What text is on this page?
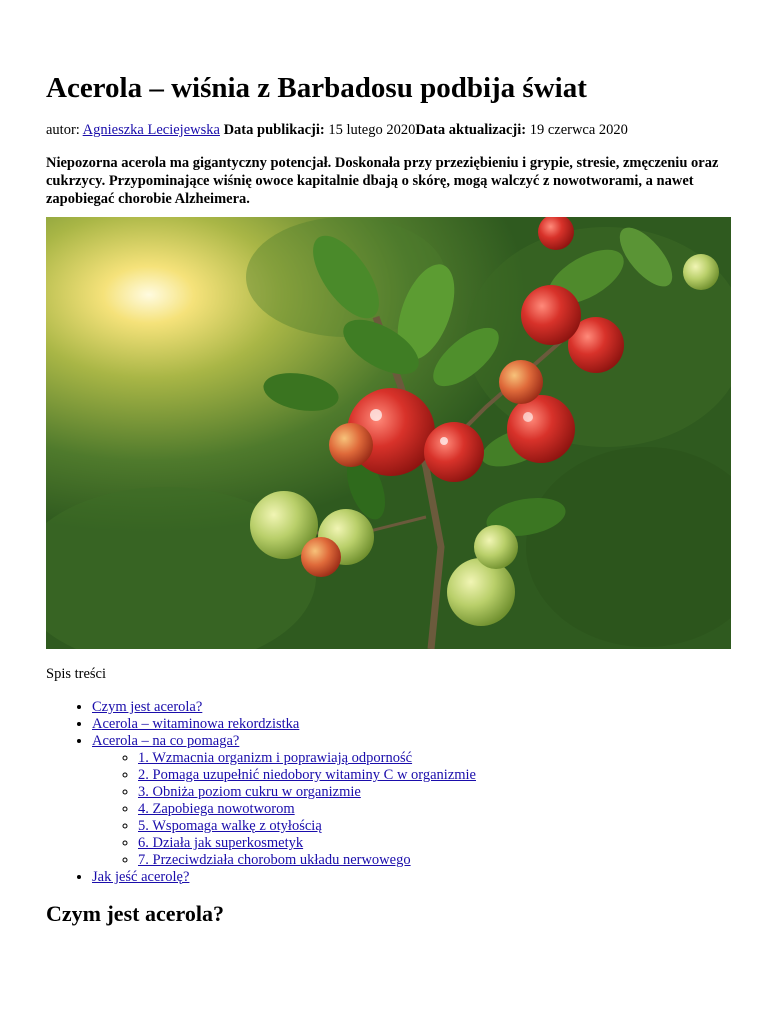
Acerola – wiśnia z Barbadosu podbija świat
autor: Agnieszka Leciejewska Data publikacji: 15 lutego 2020Data aktualizacji: 19 czerwca 2020
Niepozorna acerola ma gigantyczny potencjał. Doskonała przy przeziębieniu i grypie, stresie, zmęczeniu oraz cukrzycy. Przypominające wiśnię owoce kapitalnie dbają o skórę, mogą walczyć z nowotworami, a nawet zapobiegać chorobie Alzheimera.
Spis treści
• Czym jest acerola?
• Acerola – witaminowa rekordzistka
• Acerola – na co pomaga?
◦ 1. Wzmacnia organizm i poprawiają odporność
◦ 2. Pomaga uzupełnić niedobory witaminy C w organizmie
◦ 3. Obniża poziom cukru w organizmie
◦ 4. Zapobiega nowotworom
◦ 5. Wspomaga walkę z otyłością
◦ 6. Działa jak superkosmetyk
◦ 7. Przeciwdziała chorobom układu nerwowego
• Jak jeść acerolę?
Czym jest acerola?
